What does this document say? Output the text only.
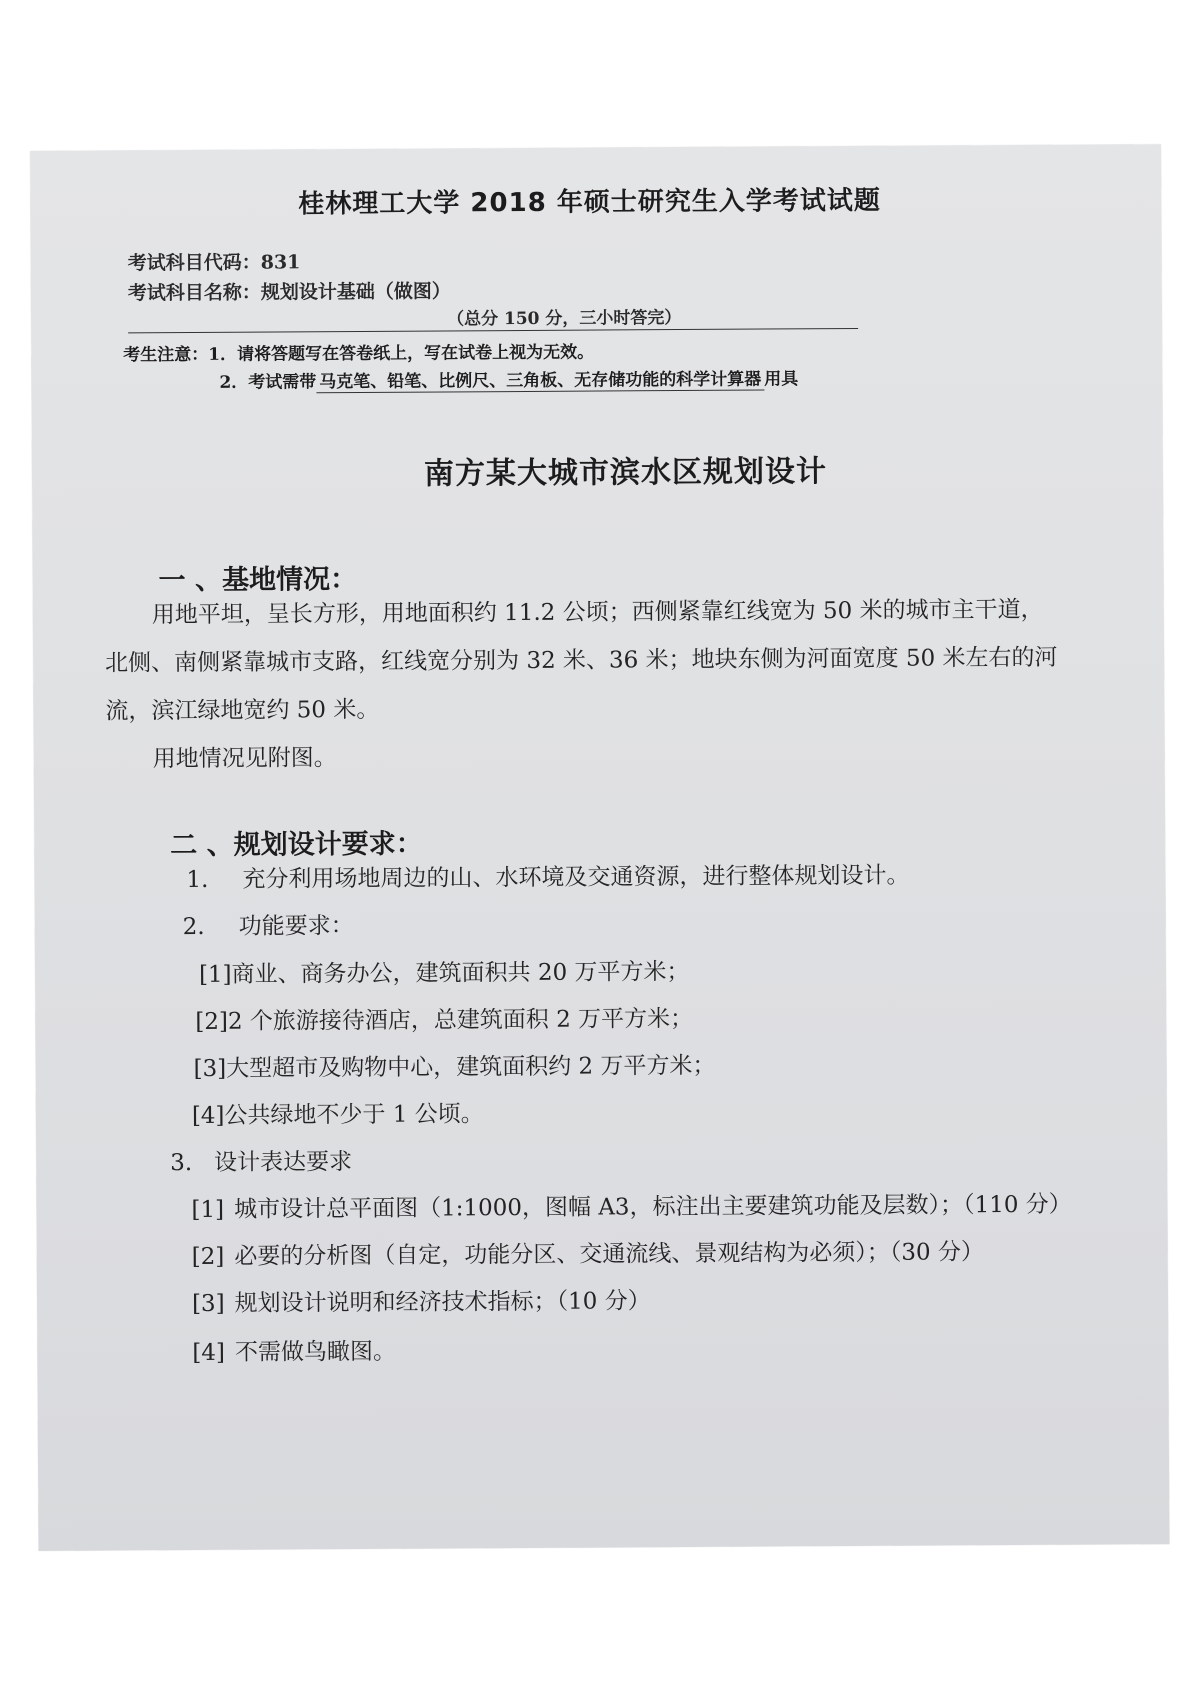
桂林理工大学 2018 年硕士研究生入学考试试题
考试科目代码：831
考试科目名称：规划设计基础（做图）
（总分 150 分，三小时答完）
考生注意：1．请将答题写在答卷纸上，写在试卷上视为无效。
2．考试需带 马克笔、铅笔、比例尺、三角板、无存储功能的科学计算器 用具
南方某大城市滨水区规划设计
一 、基地情况：
用地平坦，呈长方形，用地面积约 11.2 公顷；西侧紧靠红线宽为 50 米的城市主干道，
北侧、南侧紧靠城市支路，红线宽分别为 32 米、36 米；地块东侧为河面宽度 50 米左右的河
流，滨江绿地宽约 50 米。
用地情况见附图。
二 、规划设计要求：
1. 充分利用场地周边的山、水环境及交通资源，进行整体规划设计。
2. 功能要求：
[1]商业、商务办公，建筑面积共 20 万平方米；
[2]2 个旅游接待酒店，总建筑面积 2 万平方米；
[3]大型超市及购物中心，建筑面积约 2 万平方米；
[4]公共绿地不少于 1 公顷。
3. 设计表达要求
[1] 城市设计总平面图（1:1000，图幅 A3，标注出主要建筑功能及层数）；（110 分）
[2] 必要的分析图（自定，功能分区、交通流线、景观结构为必须）；（30 分）
[3] 规划设计说明和经济技术指标；（10 分）
[4] 不需做鸟瞰图。
